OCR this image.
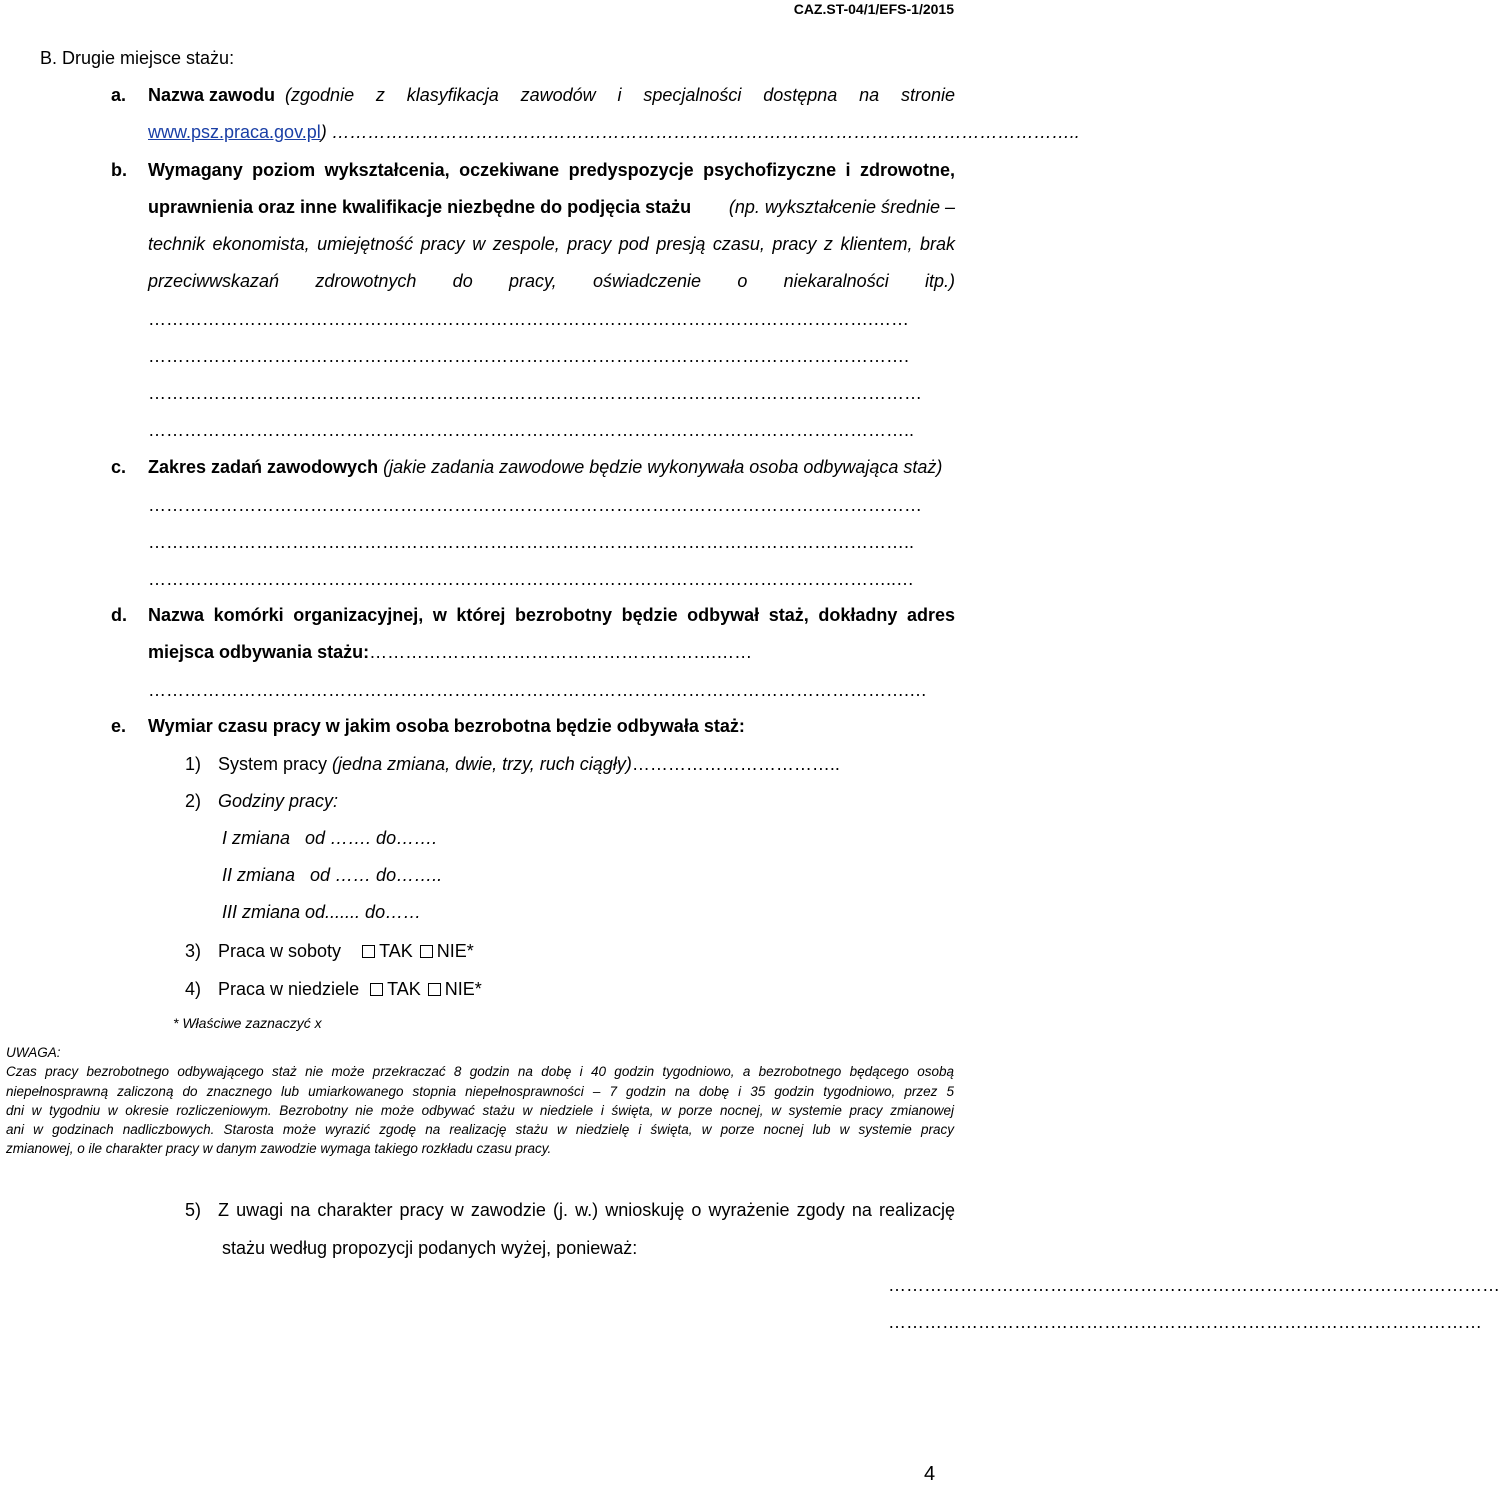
CAZ.ST-04/1/EFS-1/2015
B. Drugie miejsce stażu:
a. Nazwa zawodu (zgodnie z klasyfikacja zawodów i specjalności dostępna na stronie
www.psz.praca.gov.pl) ……………………………………………………………………………………………………………..
b. Wymagany poziom wykształcenia, oczekiwane predyspozycje psychofizyczne i zdrowotne,
uprawnienia oraz inne kwalifikacje niezbędne do podjęcia stażu (np. wykształcenie średnie –
technik ekonomista, umiejętność pracy w zespole, pracy pod presją czasu, pracy z klientem, brak
przeciwwskazań zdrowotnych do pracy, oświadczenie o niekaralności itp.)
………………………………………………………………………………………………………….……
……………………………………………………………………………………………………………….
…………………………………………………………………………………………………………………
………………………………………………………………………………………………………………..
c. Zakres zadań zawodowych (jakie zadania zawodowe będzie wykonywała osoba odbywająca staż)
…………………………………………………………………………………………………………………
………………………………………………………………………………………………………………..
……………………………………………………………………………………………………………..…
d. Nazwa komórki organizacyjnej, w której bezrobotny będzie odbywał staż, dokładny adres
miejsca odbywania stażu:………………………………………………….……
……………………………………………………………………………………………………………….…
e. Wymiar czasu pracy w jakim osoba bezrobotna będzie odbywała staż:
1) System pracy (jedna zmiana, dwie, trzy, ruch ciągły)……………………………..
2) Godziny pracy:
I zmiana   od ……. do…….
II zmiana   od …… do……..
III zmiana od....... do……
3) Praca w soboty TAK NIE*
4) Praca w niedziele TAK NIE*
* Właściwe zaznaczyć x
UWAGA:
Czas pracy bezrobotnego odbywającego staż nie może przekraczać 8 godzin na dobę i 40 godzin tygodniowo, a bezrobotnego będącego osobą
niepełnosprawną zaliczoną do znacznego lub umiarkowanego stopnia niepełnosprawności – 7 godzin na dobę i 35 godzin tygodniowo, przez 5
dni w tygodniu w okresie rozliczeniowym. Bezrobotny nie może odbywać stażu w niedziele i święta, w porze nocnej, w systemie pracy zmianowej
ani w godzinach nadliczbowych. Starosta może wyrazić zgodę na realizację stażu w niedzielę i święta, w porze nocnej lub w systemie pracy
zmianowej, o ile charakter pracy w danym zawodzie wymaga takiego rozkładu czasu pracy.
5) Z uwagi na charakter pracy w zawodzie (j. w.) wnioskuję o wyrażenie zgody na realizację
stażu według propozycji podanych wyżej, ponieważ:
…………………………………………………………………………………………
………………………………………………………………………………………
4
